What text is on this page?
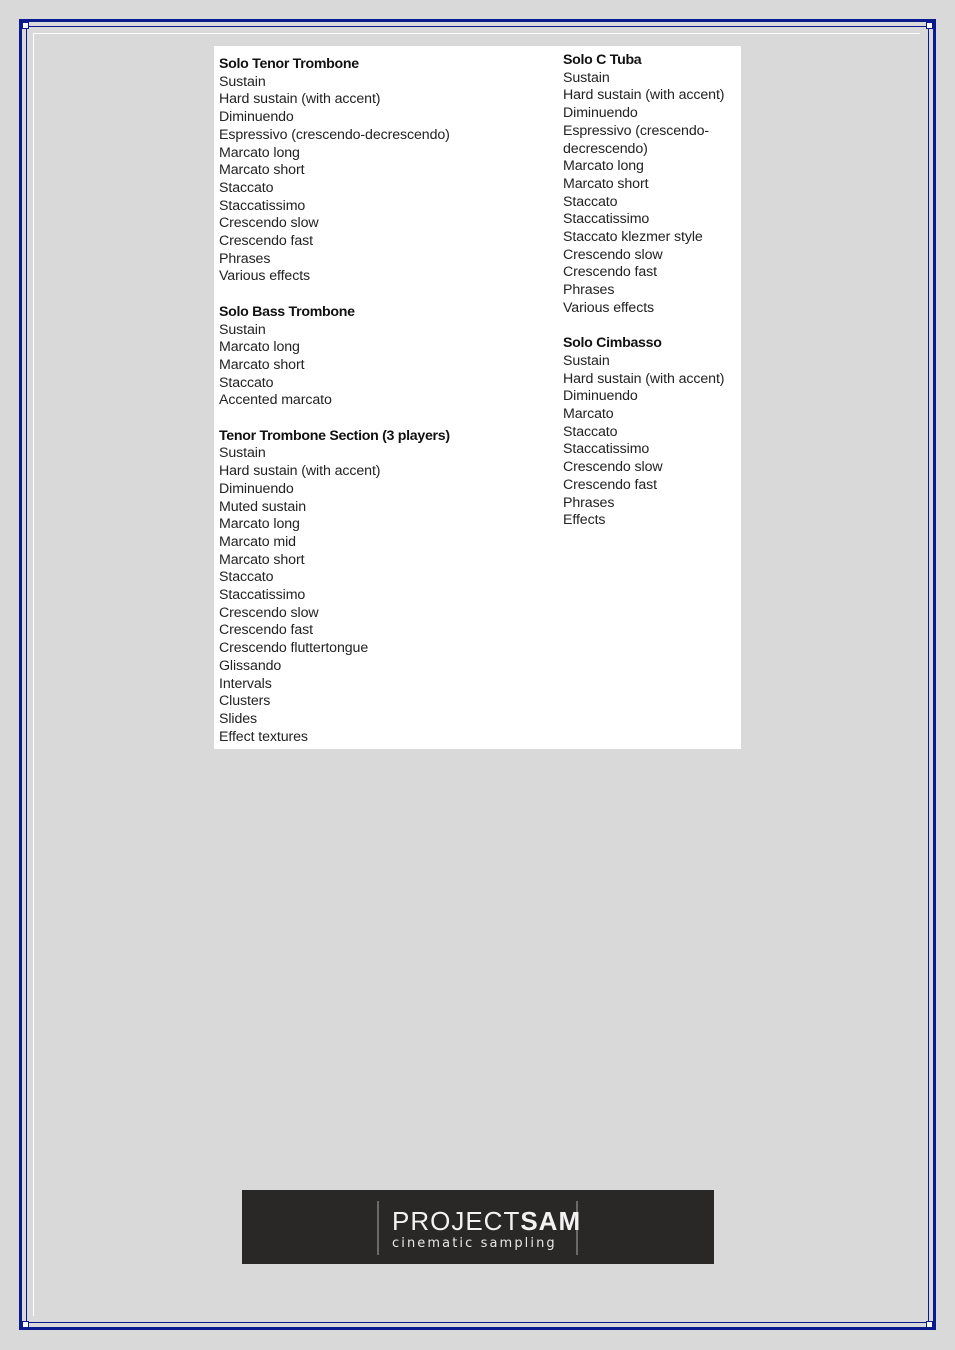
Solo Tenor Trombone
Sustain
Hard sustain (with accent)
Diminuendo
Espressivo (crescendo-decrescendo)
Marcato long
Marcato short
Staccato
Staccatissimo
Crescendo slow
Crescendo fast
Phrases
Various effects
Solo Bass Trombone
Sustain
Marcato long
Marcato short
Staccato
Accented marcato
Tenor Trombone Section (3 players)
Sustain
Hard sustain (with accent)
Diminuendo
Muted sustain
Marcato long
Marcato mid
Marcato short
Staccato
Staccatissimo
Crescendo slow
Crescendo fast
Crescendo fluttertongue
Glissando
Intervals
Clusters
Slides
Effect textures
Solo C Tuba
Sustain
Hard sustain (with accent)
Diminuendo
Espressivo (crescendo-decrescendo)
Marcato long
Marcato short
Staccato
Staccatissimo
Staccato klezmer style
Crescendo slow
Crescendo fast
Phrases
Various effects
Solo Cimbasso
Sustain
Hard sustain (with accent)
Diminuendo
Marcato
Staccato
Staccatissimo
Crescendo slow
Crescendo fast
Phrases
Effects
PROJECTSAM
cinematic sampling
